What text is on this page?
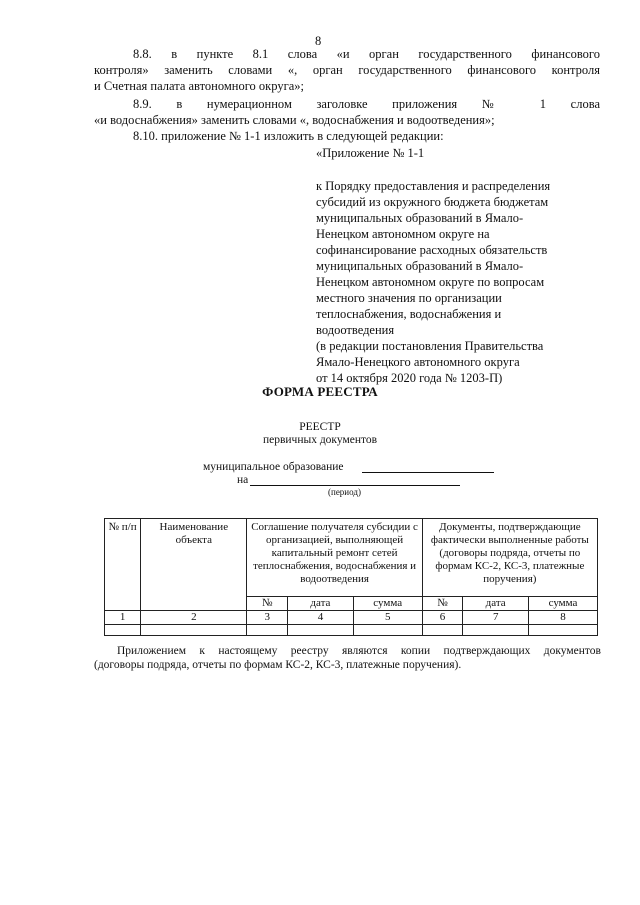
8
8.8. в пункте 8.1 слова «и орган государственного финансового
контроля» заменить словами «, орган государственного финансового контроля
и Счетная палата автономного округа»;
8.9. в нумерационном заголовке приложения № 1 слова
«и водоснабжения» заменить словами «, водоснабжения и водоотведения»;
8.10. приложение № 1-1 изложить в следующей редакции:
«Приложение № 1-1
к Порядку предоставления и распределения
субсидий из окружного бюджета бюджетам
муниципальных образований в Ямало-
Ненецком автономном округе на
софинансирование расходных обязательств
муниципальных образований в Ямало-
Ненецком автономном округе по вопросам
местного значения по организации
теплоснабжения, водоснабжения и
водоотведения
(в редакции постановления Правительства
Ямало-Ненецкого автономного округа
от 14 октября 2020 года № 1203-П)
ФОРМА РЕЕСТРА
РЕЕСТР
первичных документов
муниципальное образование
на
(период)
№ п/п	Наименование объекта	Соглашение получателя субсидии с организацией, выполняющей капитальный ремонт сетей теплоснабжения, водоснабжения и водоотведения			Документы, подтверждающие фактически выполненные работы (договоры подряда, отчеты по формам КС-2, КС-3, платежные поручения)		
		№	дата	сумма	№	дата	сумма
1	2	3	4	5	6	7	8

Приложением к настоящему реестру являются копии подтверждающих документов
(договоры подряда, отчеты по формам КС-2, КС-3, платежные поручения).
